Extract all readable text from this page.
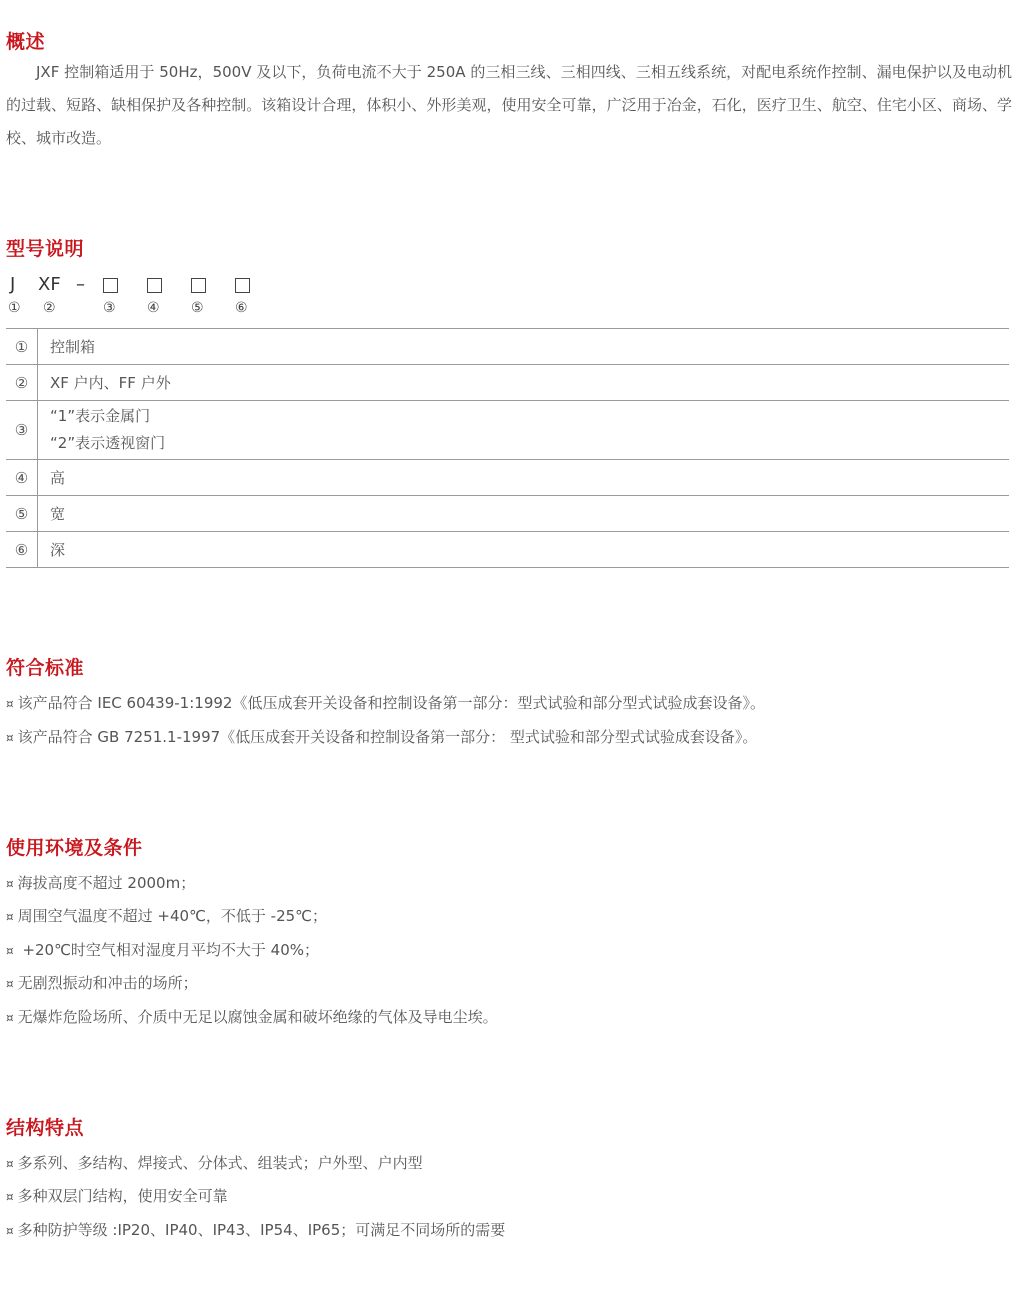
概述

JXF 控制箱适用于 50Hz，500V 及以下，负荷电流不大于 250A 的三相三线、三相四线、三相五线系统，对配电系统作控制、漏电保护以及电动机的过载、短路、缺相保护及各种控制。该箱设计合理，体积小、外形美观，使用安全可靠，广泛用于冶金，石化，医疗卫生、航空、住宅小区、商场、学校、城市改造。

型号说明
J XF –
① ②	③ ④ ⑤ ⑥
①	控制箱
②	XF 户内、FF 户外
③	“1”表示金属门
“2”表示透视窗门

④	高
⑤	宽
⑥	深
符合标准

¤ 该产品符合 IEC 60439-1:1992《低压成套开关设备和控制设备第一部分：型式试验和部分型式试验成套设备》。

¤ 该产品符合 GB 7251.1-1997《低压成套开关设备和控制设备第一部分： 型式试验和部分型式试验成套设备》。

使用环境及条件

¤ 海拔高度不超过 2000m；

¤ 周围空气温度不超过 +40℃，不低于 -25℃；

¤ +20℃时空气相对湿度月平均不大于 40%；

¤ 无剧烈振动和冲击的场所；

¤ 无爆炸危险场所、介质中无足以腐蚀金属和破坏绝缘的气体及导电尘埃。

结构特点

¤ 多系列、多结构、焊接式、分体式、组装式；户外型、户内型

¤ 多种双层门结构，使用安全可靠

¤ 多种防护等级 :IP20、IP40、IP43、IP54、IP65；可满足不同场所的需要
